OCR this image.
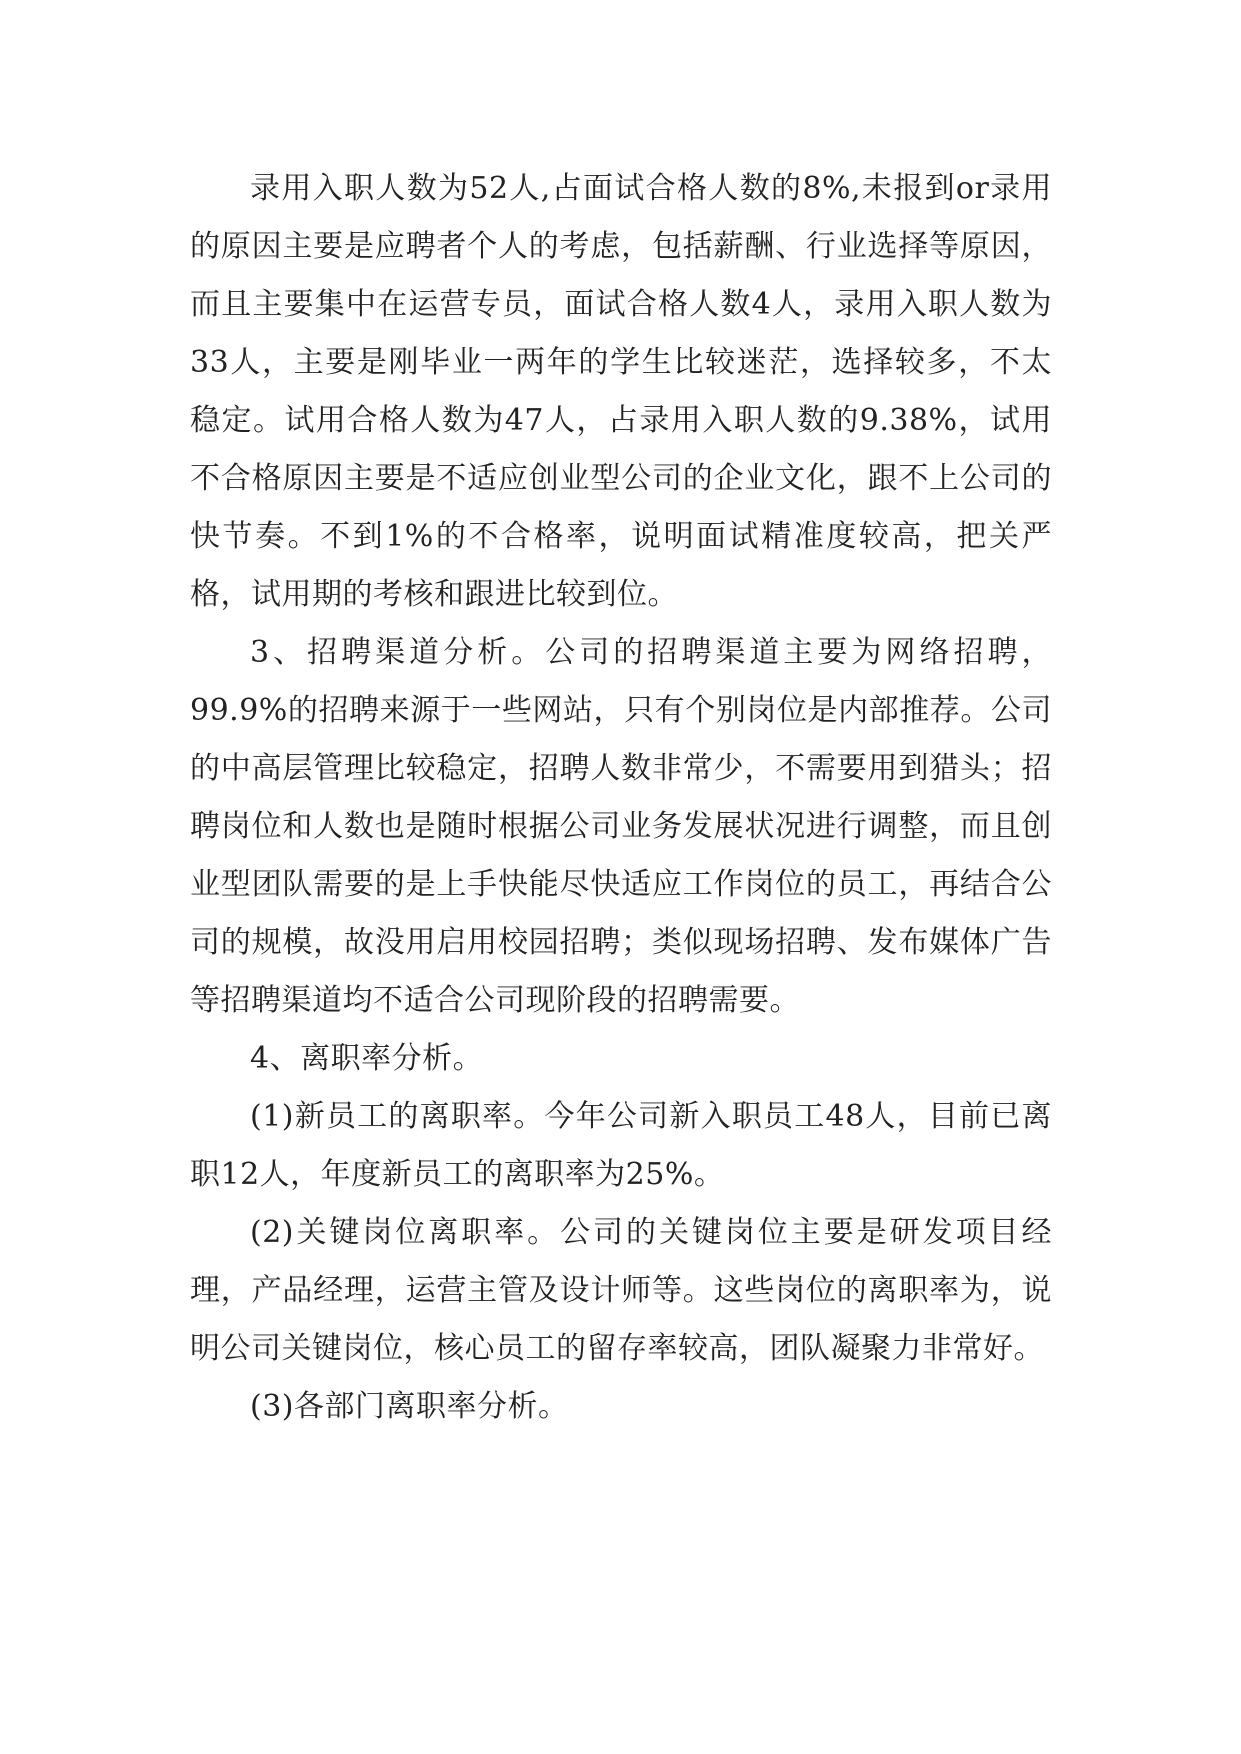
录用入职人数为52人,占面试合格人数的8%,未报到or录用的原因主要是应聘者个人的考虑，包括薪酬、行业选择等原因，而且主要集中在运营专员，面试合格人数4人，录用入职人数为33人，主要是刚毕业一两年的学生比较迷茫，选择较多，不太稳定。试用合格人数为47人，占录用入职人数的9.38%，试用不合格原因主要是不适应创业型公司的企业文化，跟不上公司的快节奏。不到1%的不合格率，说明面试精准度较高，把关严格，试用期的考核和跟进比较到位。

3、招聘渠道分析。公司的招聘渠道主要为网络招聘，99.9%的招聘来源于一些网站，只有个别岗位是内部推荐。公司的中高层管理比较稳定，招聘人数非常少，不需要用到猎头；招聘岗位和人数也是随时根据公司业务发展状况进行调整，而且创业型团队需要的是上手快能尽快适应工作岗位的员工，再结合公司的规模，故没用启用校园招聘；类似现场招聘、发布媒体广告等招聘渠道均不适合公司现阶段的招聘需要。

4、离职率分析。

(1)新员工的离职率。今年公司新入职员工48人，目前已离职12人，年度新员工的离职率为25%。

(2)关键岗位离职率。公司的关键岗位主要是研发项目经理，产品经理，运营主管及设计师等。这些岗位的离职率为，说明公司关键岗位，核心员工的留存率较高，团队凝聚力非常好。

(3)各部门离职率分析。
